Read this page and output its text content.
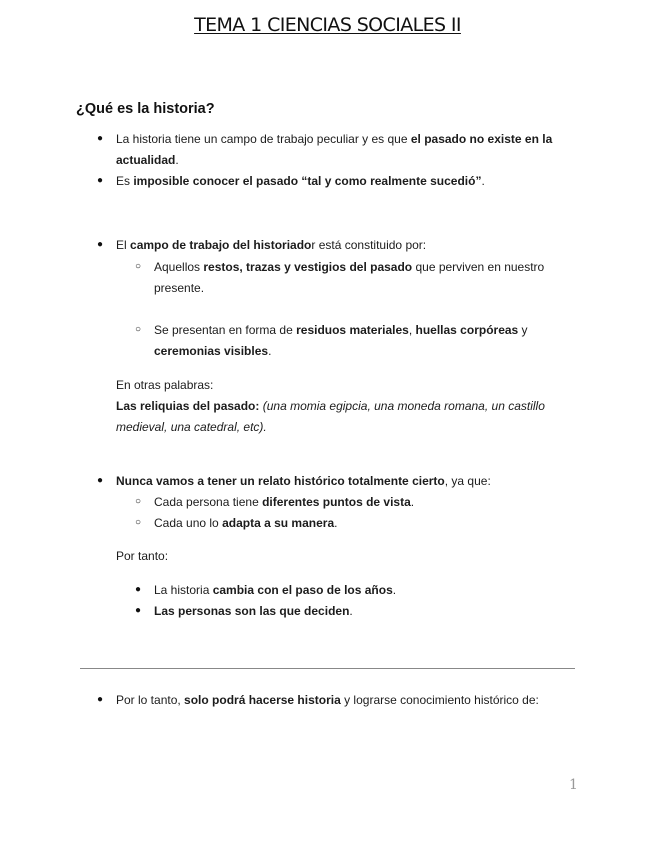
TEMA 1 CIENCIAS SOCIALES II
¿Qué es la historia?
● La historia tiene un campo de trabajo peculiar y es que el pasado no existe en la
actualidad.
● Es imposible conocer el pasado “tal y como realmente sucedió”.
● El campo de trabajo del historiador está constituido por:
○ Aquellos restos, trazas y vestigios del pasado que perviven en nuestro
presente.
○ Se presentan en forma de residuos materiales, huellas corpóreas y
ceremonias visibles.
En otras palabras:
Las reliquias del pasado: (una momia egipcia, una moneda romana, un castillo
medieval, una catedral, etc).
● Nunca vamos a tener un relato histórico totalmente cierto, ya que:
○ Cada persona tiene diferentes puntos de vista.
○ Cada uno lo adapta a su manera.
Por tanto:
● La historia cambia con el paso de los años.
● Las personas son las que deciden.
● Por lo tanto, solo podrá hacerse historia y lograrse conocimiento histórico de:
1
